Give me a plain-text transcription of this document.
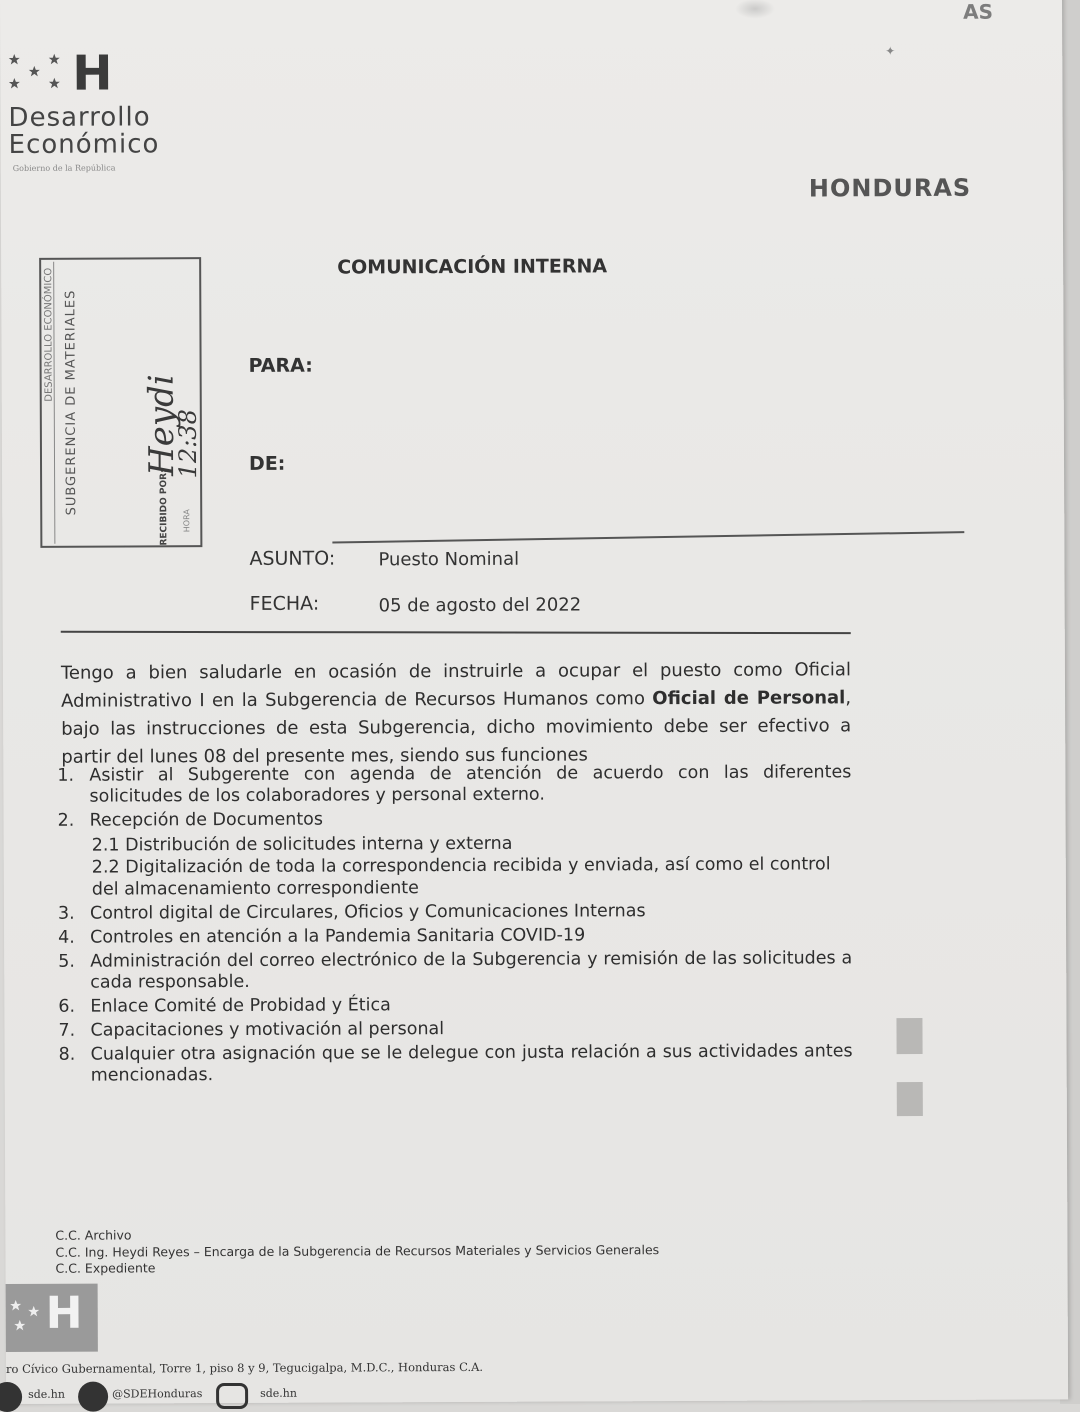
H
Desarrollo
Económico
Gobierno de la República
HONDURAS
AS
✦
COMUNICACIÓN INTERNA
DESARROLLO ECONÓMICO SUBGERENCIA DE MATERIALES	RECIBIDO POR:
Heydi
12:38
HORA
PARA:
DE:
ASUNTO: Puesto Nominal
FECHA:	05 de agosto del 2022
Tengo a bien saludarle en ocasión de instruirle a ocupar el puesto como Oficial Administrativo I en la Subgerencia de Recursos Humanos como Oficial de Personal, bajo las instrucciones de esta Subgerencia, dicho movimiento debe ser efectivo a partir del lunes 08 del presente mes, siendo sus funciones
1. Asistir al Subgerente con agenda de atención de acuerdo con las diferentes solicitudes de los colaboradores y personal externo.
2. Recepción de Documentos
2.1 Distribución de solicitudes interna y externa
2.2 Digitalización de toda la correspondencia recibida y enviada, así como el control del almacenamiento correspondiente
3. Control digital de Circulares, Oficios y Comunicaciones Internas
4. Controles en atención a la Pandemia Sanitaria COVID-19
5. Administración del correo electrónico de la Subgerencia y remisión de las solicitudes a cada responsable.
6. Enlace Comité de Probidad y Ética
7. Capacitaciones y motivación al personal
8. Cualquier otra asignación que se le delegue con justa relación a sus actividades antes mencionadas.
C.C. Archivo
C.C. Ing. Heydi Reyes – Encarga de la Subgerencia de Recursos Materiales y Servicios Generales
C.C. Expediente
H
ro Cívico Gubernamental, Torre 1, piso 8 y 9, Tegucigalpa, M.D.C., Honduras C.A.
sde.hn	@SDEHonduras	sde.hn
